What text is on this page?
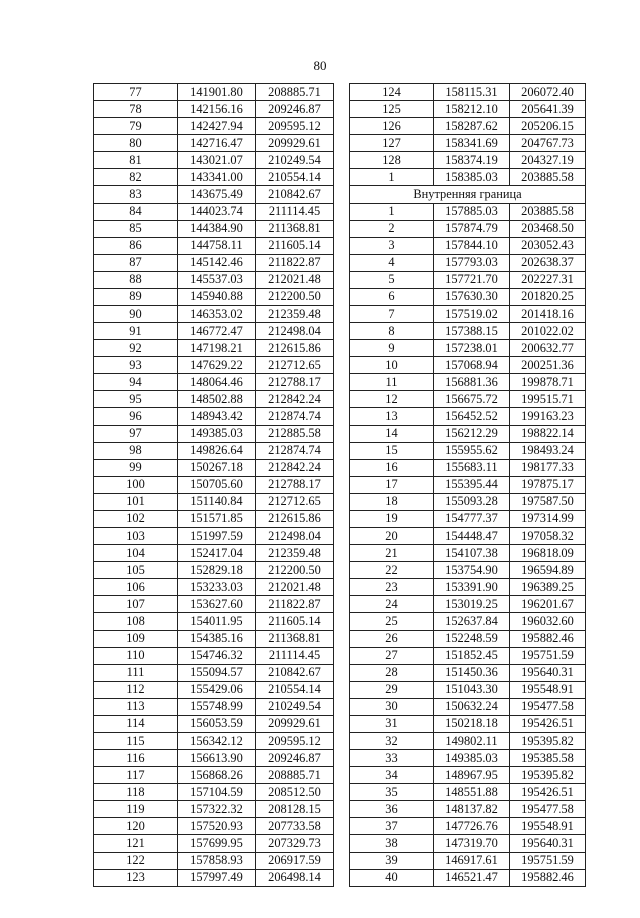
80
77	141901.80	208885.71
78	142156.16	209246.87
79	142427.94	209595.12
80	142716.47	209929.61
81	143021.07	210249.54
82	143341.00	210554.14
83	143675.49	210842.67
84	144023.74	211114.45
85	144384.90	211368.81
86	144758.11	211605.14
87	145142.46	211822.87
88	145537.03	212021.48
89	145940.88	212200.50
90	146353.02	212359.48
91	146772.47	212498.04
92	147198.21	212615.86
93	147629.22	212712.65
94	148064.46	212788.17
95	148502.88	212842.24
96	148943.42	212874.74
97	149385.03	212885.58
98	149826.64	212874.74
99	150267.18	212842.24
100	150705.60	212788.17
101	151140.84	212712.65
102	151571.85	212615.86
103	151997.59	212498.04
104	152417.04	212359.48
105	152829.18	212200.50
106	153233.03	212021.48
107	153627.60	211822.87
108	154011.95	211605.14
109	154385.16	211368.81
110	154746.32	211114.45
111	155094.57	210842.67
112	155429.06	210554.14
113	155748.99	210249.54
114	156053.59	209929.61
115	156342.12	209595.12
116	156613.90	209246.87
117	156868.26	208885.71
118	157104.59	208512.50
119	157322.32	208128.15
120	157520.93	207733.58
121	157699.95	207329.73
122	157858.93	206917.59
123	157997.49	206498.14
124	158115.31	206072.40
125	158212.10	205641.39
126	158287.62	205206.15
127	158341.69	204767.73
128	158374.19	204327.19
1	158385.03	203885.58
Внутренняя граница		
1	157885.03	203885.58
2	157874.79	203468.50
3	157844.10	203052.43
4	157793.03	202638.37
5	157721.70	202227.31
6	157630.30	201820.25
7	157519.02	201418.16
8	157388.15	201022.02
9	157238.01	200632.77
10	157068.94	200251.36
11	156881.36	199878.71
12	156675.72	199515.71
13	156452.52	199163.23
14	156212.29	198822.14
15	155955.62	198493.24
16	155683.11	198177.33
17	155395.44	197875.17
18	155093.28	197587.50
19	154777.37	197314.99
20	154448.47	197058.32
21	154107.38	196818.09
22	153754.90	196594.89
23	153391.90	196389.25
24	153019.25	196201.67
25	152637.84	196032.60
26	152248.59	195882.46
27	151852.45	195751.59
28	151450.36	195640.31
29	151043.30	195548.91
30	150632.24	195477.58
31	150218.18	195426.51
32	149802.11	195395.82
33	149385.03	195385.58
34	148967.95	195395.82
35	148551.88	195426.51
36	148137.82	195477.58
37	147726.76	195548.91
38	147319.70	195640.31
39	146917.61	195751.59
40	146521.47	195882.46
